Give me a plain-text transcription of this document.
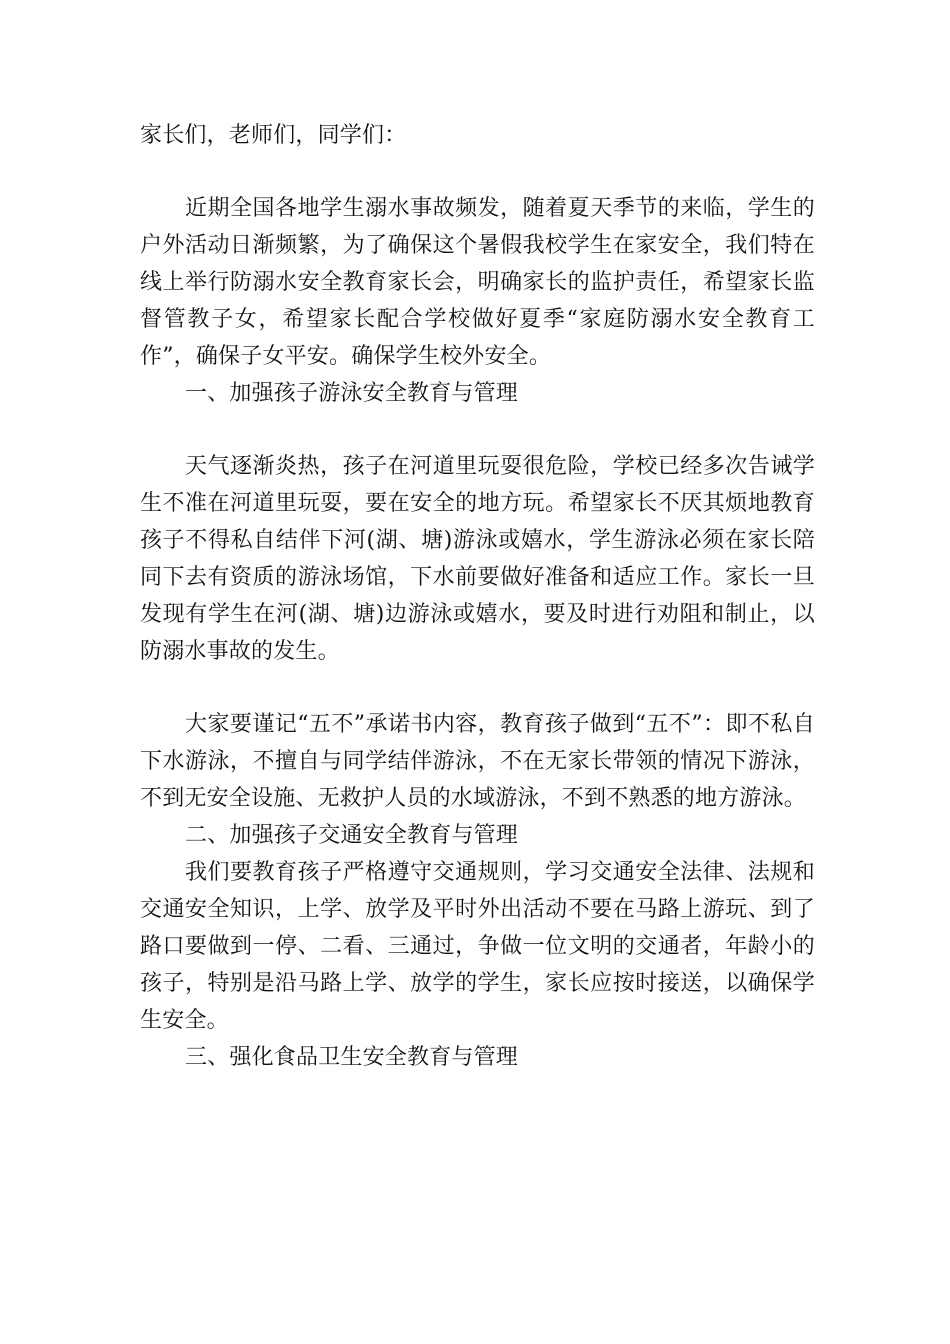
家长们，老师们，同学们：

近期全国各地学生溺水事故频发，随着夏天季节的来临，学生的户外活动日渐频繁，为了确保这个暑假我校学生在家安全，我们特在线上举行防溺水安全教育家长会，明确家长的监护责任，希望家长监督管教子女，希望家长配合学校做好夏季“家庭防溺水安全教育工作”，确保子女平安。确保学生校外安全。

一、加强孩子游泳安全教育与管理

天气逐渐炎热，孩子在河道里玩耍很危险，学校已经多次告诫学生不准在河道里玩耍，要在安全的地方玩。希望家长不厌其烦地教育孩子不得私自结伴下河(湖、塘)游泳或嬉水，学生游泳必须在家长陪同下去有资质的游泳场馆，下水前要做好准备和适应工作。家长一旦发现有学生在河(湖、塘)边游泳或嬉水，要及时进行劝阻和制止，以防溺水事故的发生。

大家要谨记“五不”承诺书内容，教育孩子做到“五不”：即不私自下水游泳，不擅自与同学结伴游泳，不在无家长带领的情况下游泳，不到无安全设施、无救护人员的水域游泳，不到不熟悉的地方游泳。

二、加强孩子交通安全教育与管理

我们要教育孩子严格遵守交通规则，学习交通安全法律、法规和交通安全知识，上学、放学及平时外出活动不要在马路上游玩、到了路口要做到一停、二看、三通过，争做一位文明的交通者，年龄小的孩子，特别是沿马路上学、放学的学生，家长应按时接送，以确保学生安全。

三、强化食品卫生安全教育与管理
